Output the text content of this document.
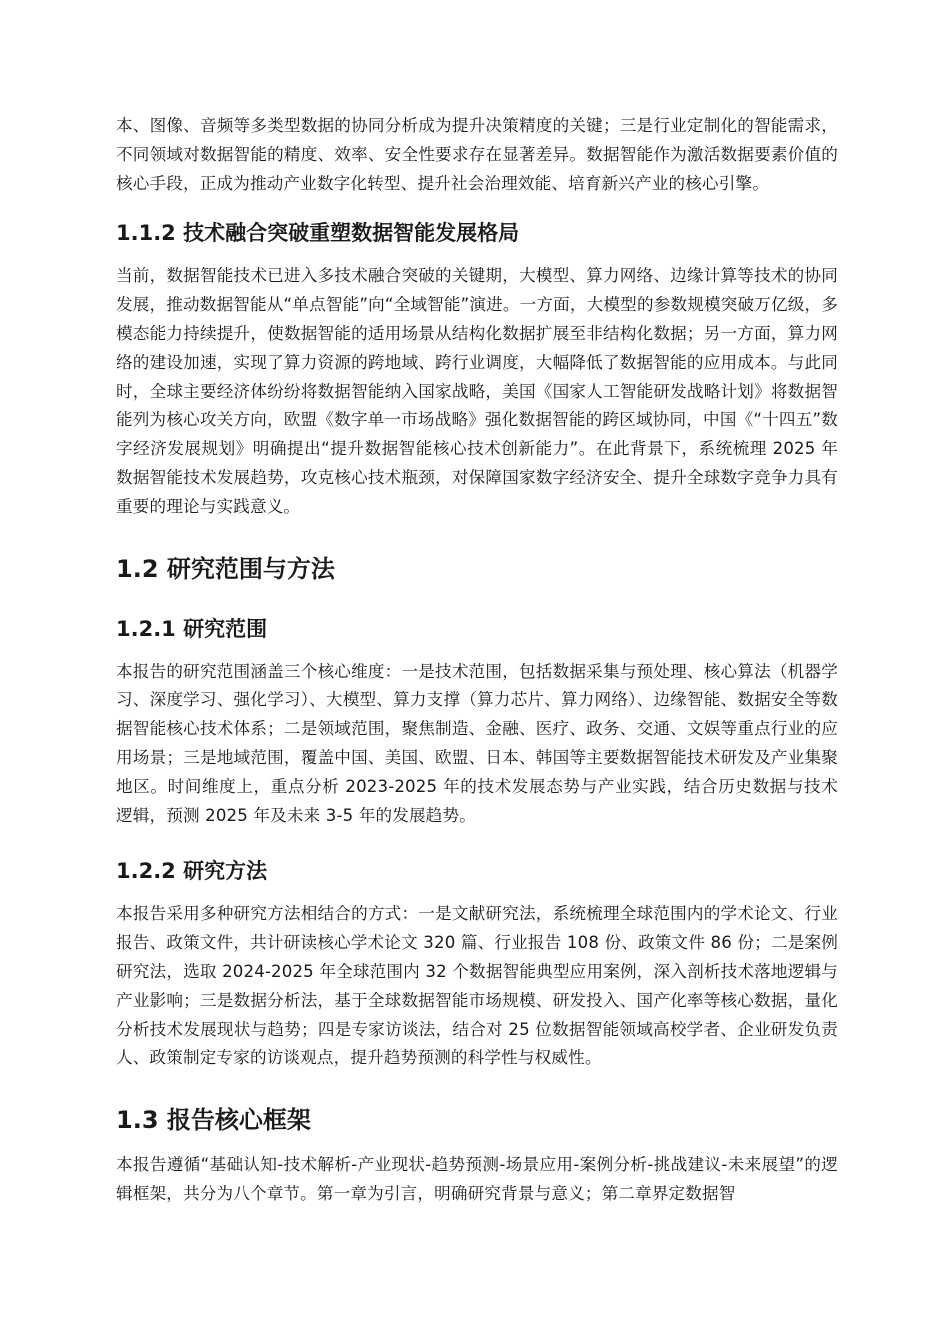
本、图像、音频等多类型数据的协同分析成为提升决策精度的关键；三是行业定制化的智能需求，不同领域对数据智能的精度、效率、安全性要求存在显著差异。数据智能作为激活数据要素价值的核心手段，正成为推动产业数字化转型、提升社会治理效能、培育新兴产业的核心引擎。

1.1.2 技术融合突破重塑数据智能发展格局

当前，数据智能技术已进入多技术融合突破的关键期，大模型、算力网络、边缘计算等技术的协同发展，推动数据智能从“单点智能”向“全域智能”演进。一方面，大模型的参数规模突破万亿级，多模态能力持续提升，使数据智能的适用场景从结构化数据扩展至非结构化数据；另一方面，算力网络的建设加速，实现了算力资源的跨地域、跨行业调度，大幅降低了数据智能的应用成本。与此同时，全球主要经济体纷纷将数据智能纳入国家战略，美国《国家人工智能研发战略计划》将数据智能列为核心攻关方向，欧盟《数字单一市场战略》强化数据智能的跨区域协同，中国《“十四五”数字经济发展规划》明确提出“提升数据智能核心技术创新能力”。在此背景下，系统梳理 2025 年数据智能技术发展趋势，攻克核心技术瓶颈，对保障国家数字经济安全、提升全球数字竞争力具有重要的理论与实践意义。

1.2 研究范围与方法
1.2.1 研究范围

本报告的研究范围涵盖三个核心维度：一是技术范围，包括数据采集与预处理、核心算法（机器学习、深度学习、强化学习）、大模型、算力支撑（算力芯片、算力网络）、边缘智能、数据安全等数据智能核心技术体系；二是领域范围，聚焦制造、金融、医疗、政务、交通、文娱等重点行业的应用场景；三是地域范围，覆盖中国、美国、欧盟、日本、韩国等主要数据智能技术研发及产业集聚地区。时间维度上，重点分析 2023-2025 年的技术发展态势与产业实践，结合历史数据与技术逻辑，预测 2025 年及未来 3-5 年的发展趋势。

1.2.2 研究方法

本报告采用多种研究方法相结合的方式：一是文献研究法，系统梳理全球范围内的学术论文、行业报告、政策文件，共计研读核心学术论文 320 篇、行业报告 108 份、政策文件 86 份；二是案例研究法，选取 2024-2025 年全球范围内 32 个数据智能典型应用案例，深入剖析技术落地逻辑与产业影响；三是数据分析法，基于全球数据智能市场规模、研发投入、国产化率等核心数据，量化分析技术发展现状与趋势；四是专家访谈法，结合对 25 位数据智能领域高校学者、企业研发负责人、政策制定专家的访谈观点，提升趋势预测的科学性与权威性。

1.3 报告核心框架

本报告遵循“基础认知-技术解析-产业现状-趋势预测-场景应用-案例分析-挑战建议-未来展望”的逻辑框架，共分为八个章节。第一章为引言，明确研究背景与意义；第二章界定数据智
